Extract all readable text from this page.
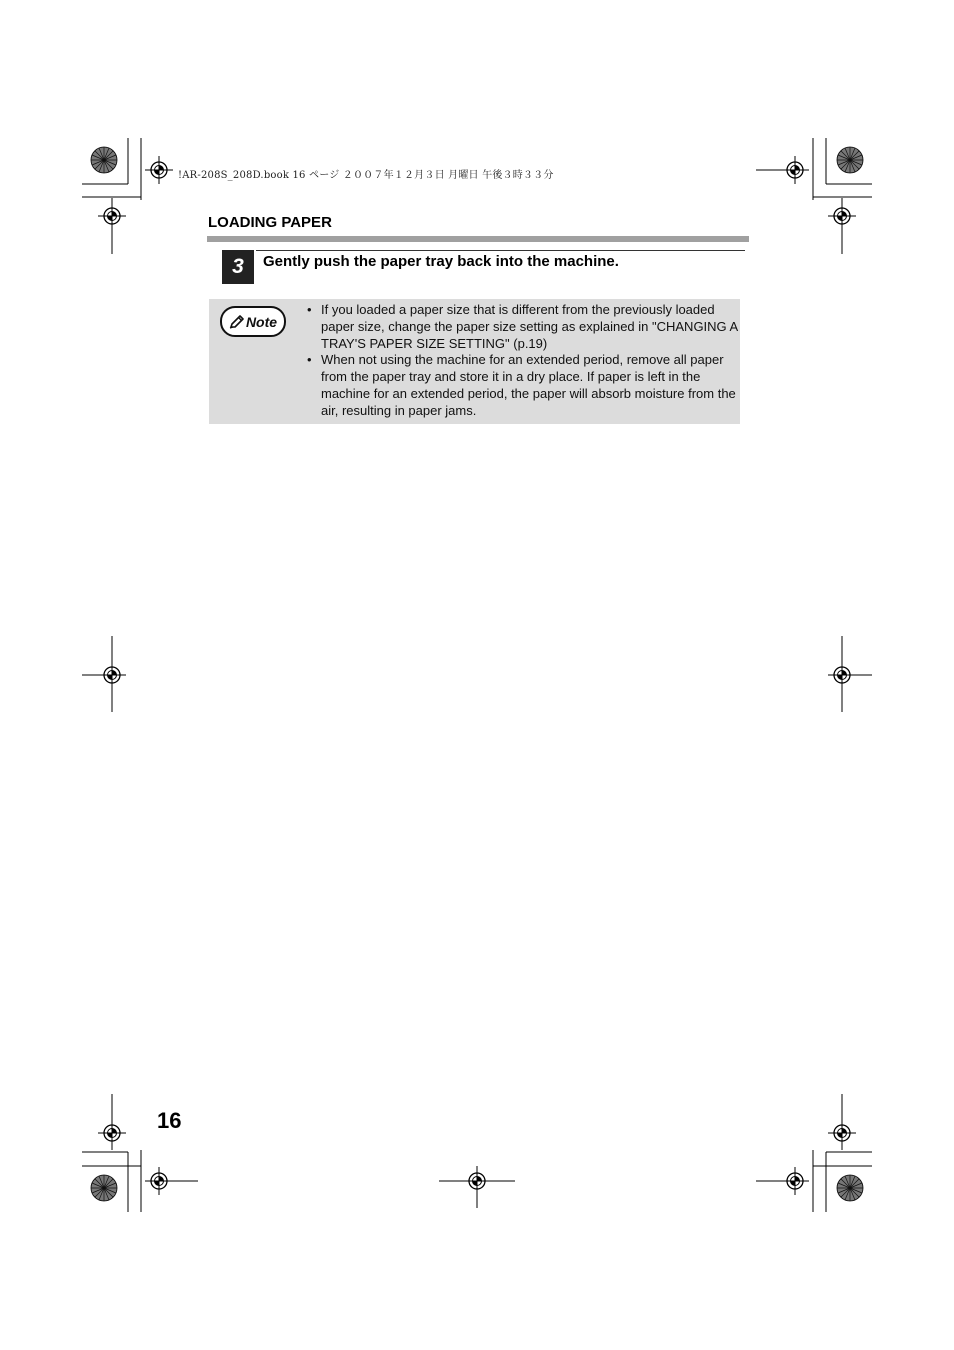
!AR-208S_208D.book 16 ページ ２００７年１２月３日 月曜日 午後３時３３分
LOADING PAPER
3	Gently push the paper tray back into the machine.
Note
• If you loaded a paper size that is different from the previously loaded paper size, change the paper size setting as explained in "CHANGING A TRAY'S PAPER SIZE SETTING" (p.19)
• When not using the machine for an extended period, remove all paper from the paper tray and store it in a dry place. If paper is left in the machine for an extended period, the paper will absorb moisture from the air, resulting in paper jams.
16
